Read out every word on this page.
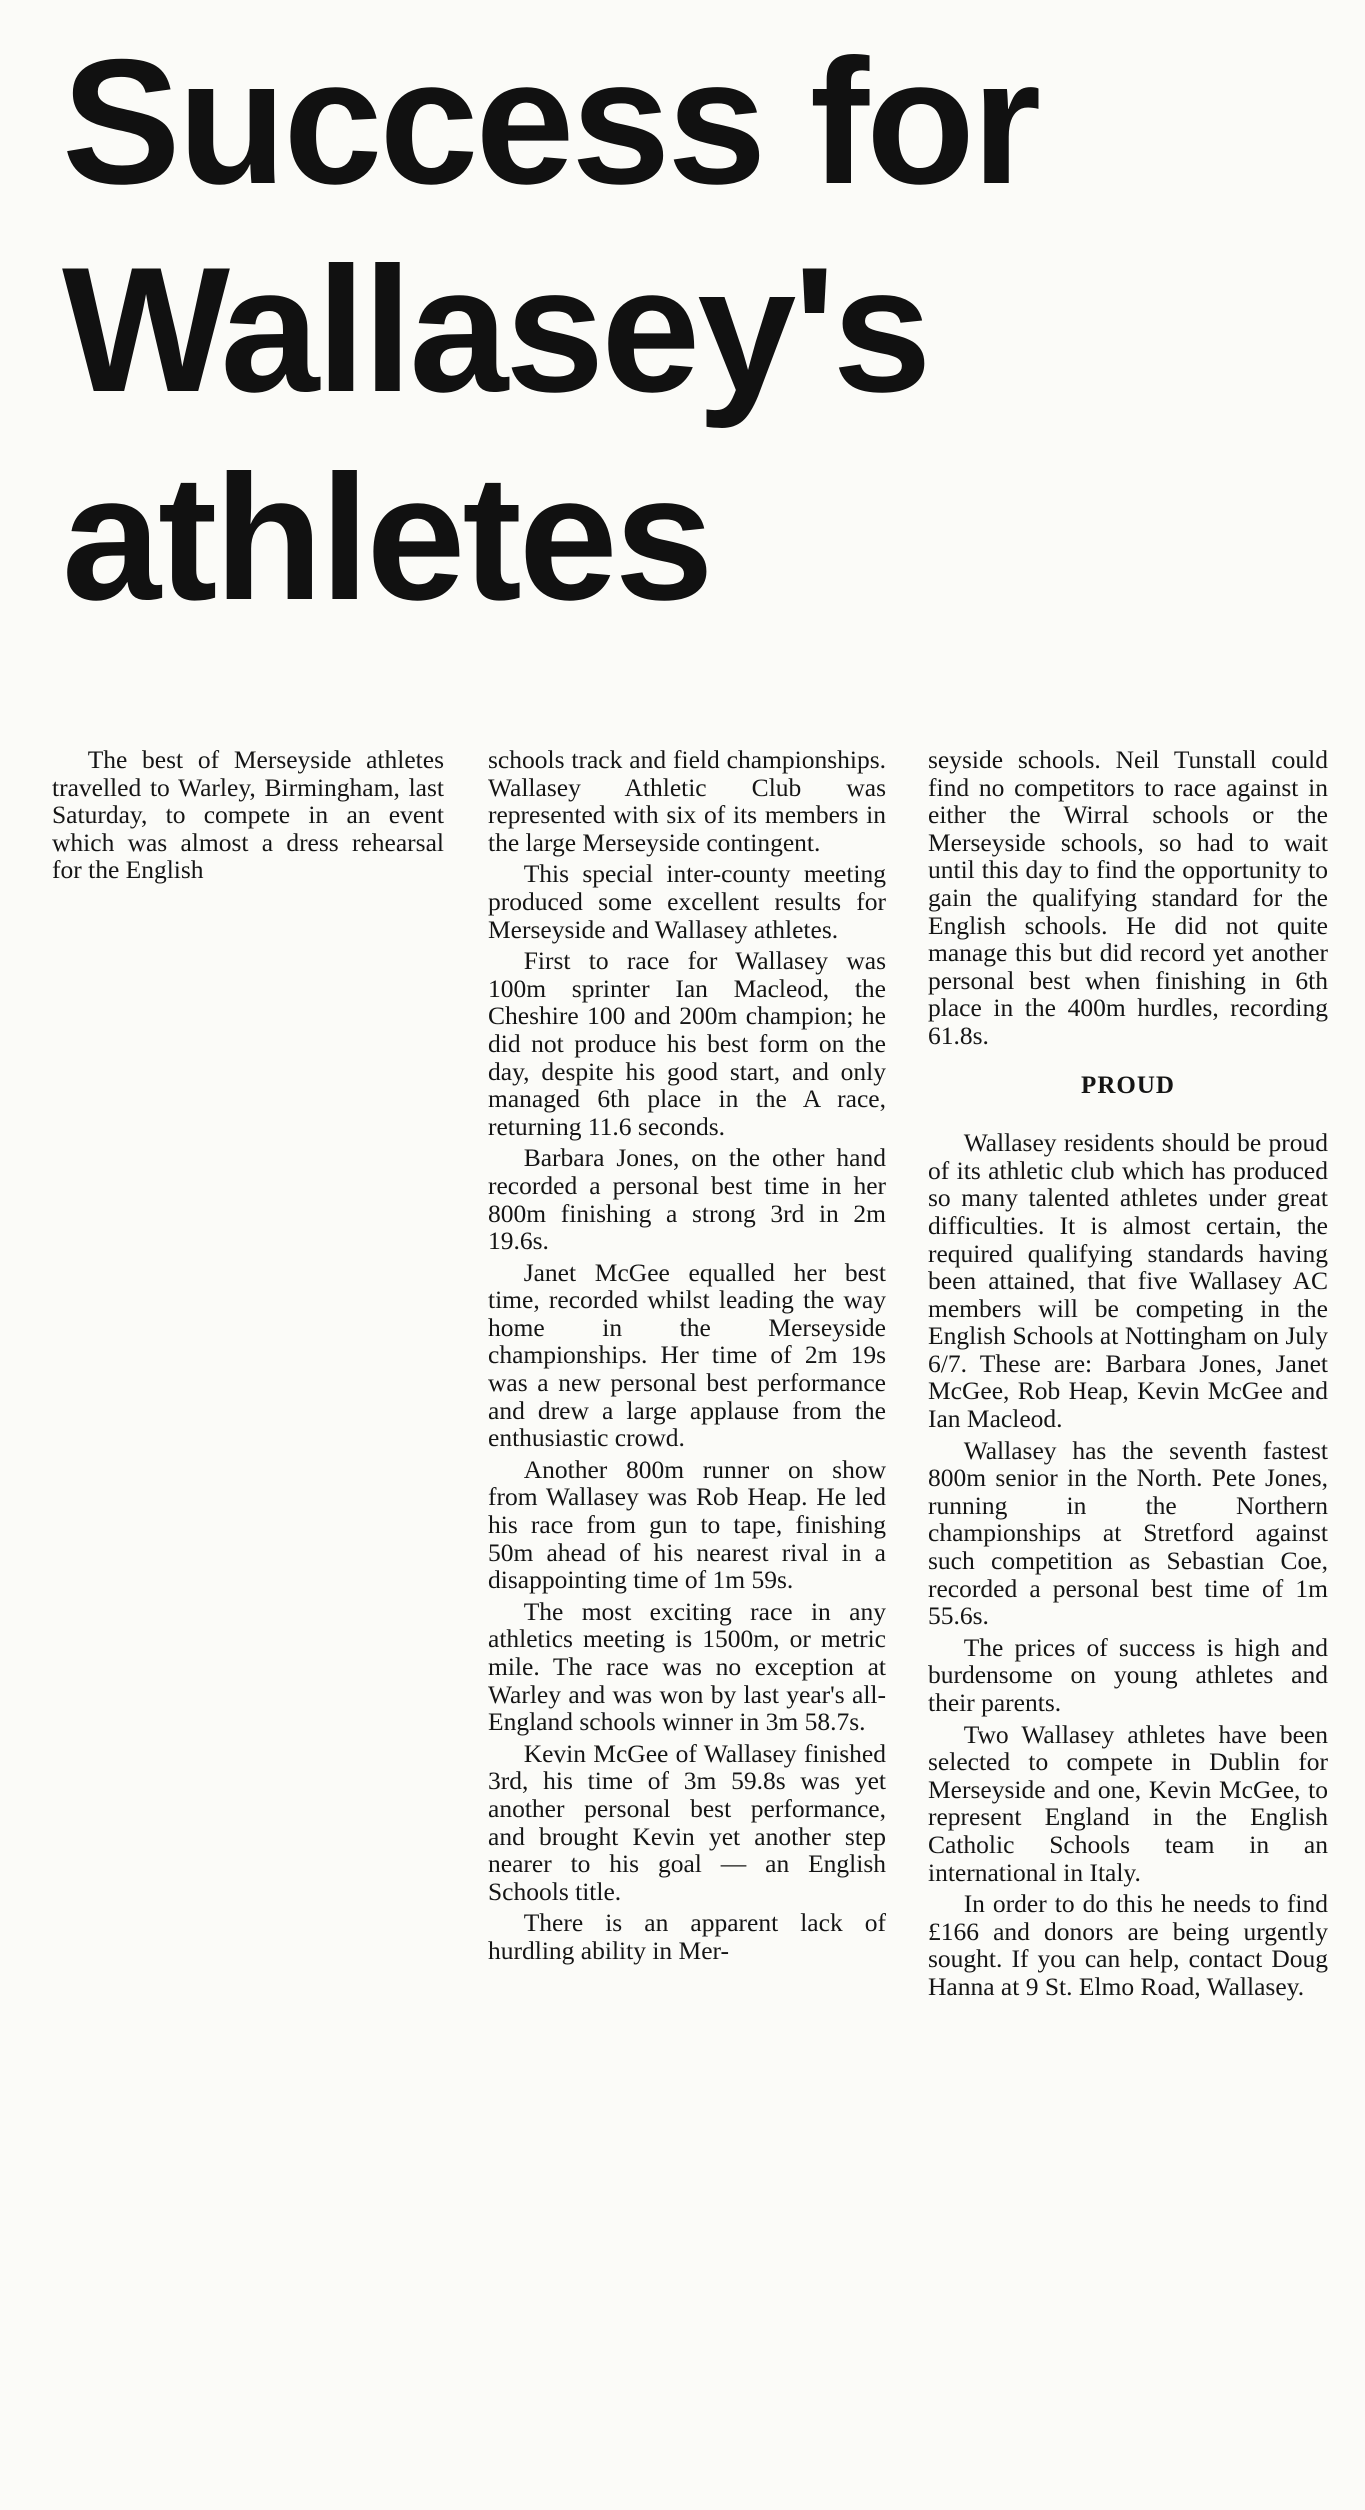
Success for
Wallasey's
athletes

The best of Merseyside athletes travelled to Warley, Birmingham, last Saturday, to compete in an event which was almost a dress rehearsal for the English

schools track and field championships. Wallasey Athletic Club was represented with six of its members in the large Merseyside contingent.

This special inter-county meeting produced some excellent results for Merseyside and Wallasey athletes.

First to race for Wallasey was 100m sprinter Ian Macleod, the Cheshire 100 and 200m champion; he did not produce his best form on the day, despite his good start, and only managed 6th place in the A race, returning 11.6 seconds.

Barbara Jones, on the other hand recorded a personal best time in her 800m finishing a strong 3rd in 2m 19.6s.

Janet McGee equalled her best time, recorded whilst leading the way home in the Merseyside championships. Her time of 2m 19s was a new personal best performance and drew a large applause from the enthusiastic crowd.

Another 800m runner on show from Wallasey was Rob Heap. He led his race from gun to tape, finishing 50m ahead of his nearest rival in a disappointing time of 1m 59s.

The most exciting race in any athletics meeting is 1500m, or metric mile. The race was no exception at Warley and was won by last year's all-England schools winner in 3m 58.7s.

Kevin McGee of Wallasey finished 3rd, his time of 3m 59.8s was yet another personal best performance, and brought Kevin yet another step nearer to his goal — an English Schools title.

There is an apparent lack of hurdling ability in Mer-

seyside schools. Neil Tunstall could find no competitors to race against in either the Wirral schools or the Merseyside schools, so had to wait until this day to find the opportunity to gain the qualifying standard for the English schools. He did not quite manage this but did record yet another personal best when finishing in 6th place in the 400m hurdles, recording 61.8s.

PROUD

Wallasey residents should be proud of its athletic club which has produced so many talented athletes under great difficulties. It is almost certain, the required qualifying standards having been attained, that five Wallasey AC members will be competing in the English Schools at Nottingham on July 6/7. These are: Barbara Jones, Janet McGee, Rob Heap, Kevin McGee and Ian Macleod.

Wallasey has the seventh fastest 800m senior in the North. Pete Jones, running in the Northern championships at Stretford against such competition as Sebastian Coe, recorded a personal best time of 1m 55.6s.

The prices of success is high and burdensome on young athletes and their parents.

Two Wallasey athletes have been selected to compete in Dublin for Merseyside and one, Kevin McGee, to represent England in the English Catholic Schools team in an international in Italy.

In order to do this he needs to find £166 and donors are being urgently sought. If you can help, contact Doug Hanna at 9 St. Elmo Road, Wallasey.
